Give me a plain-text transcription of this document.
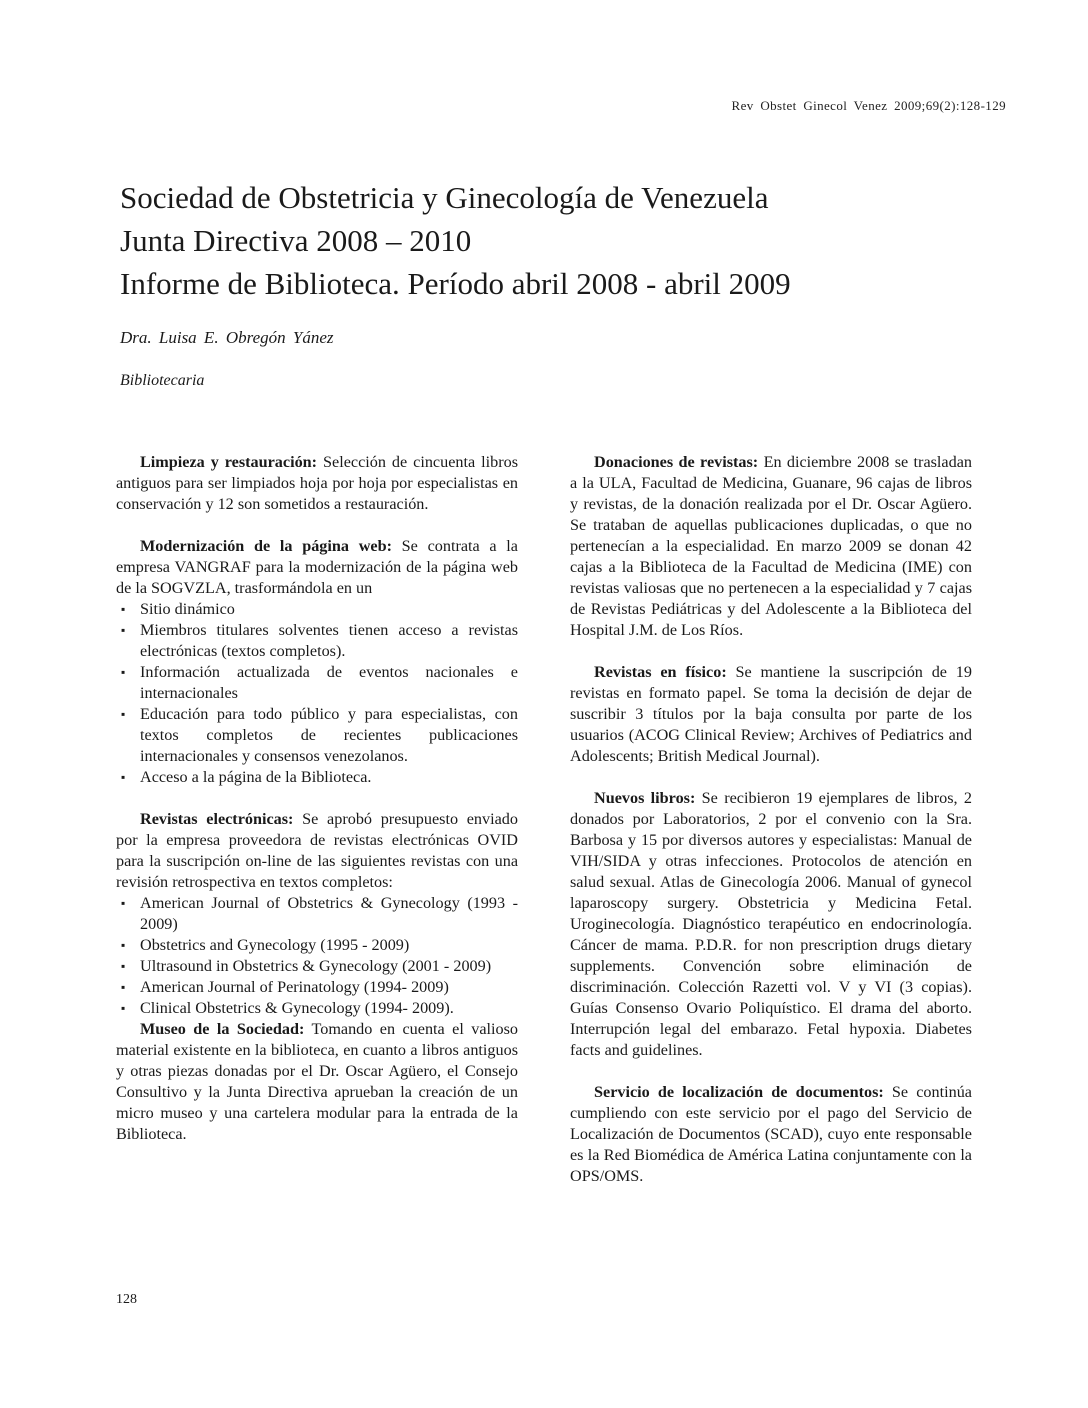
Rev Obstet Ginecol Venez 2009;69(2):128-129
Sociedad de Obstetricia y Ginecología de Venezuela
Junta Directiva 2008 – 2010
Informe de Biblioteca. Período abril 2008 - abril 2009
Dra. Luisa E. Obregón Yánez
Bibliotecaria

Limpieza y restauración: Selección de cincuenta libros antiguos para ser limpiados hoja por hoja por especialistas en conservación y 12 son sometidos a restauración.

Modernización de la página web: Se contrata a la empresa VANGRAF para la modernización de la página web de la SOGVZLA, trasformándola en un

▪ Sitio dinámico
▪ Miembros titulares solventes tienen acceso a revistas electrónicas (textos completos).
▪ Información actualizada de eventos nacionales e internacionales
▪ Educación para todo público y para especialistas, con textos completos de recientes publicaciones internacionales y consensos venezolanos.
▪ Acceso a la página de la Biblioteca.

Revistas electrónicas: Se aprobó presupuesto enviado por la empresa proveedora de revistas electrónicas OVID para la suscripción on-line de las siguientes revistas con una revisión retrospectiva en textos completos:

▪ American Journal of Obstetrics & Gynecology (1993 - 2009)
▪ Obstetrics and Gynecology (1995 - 2009)
▪ Ultrasound in Obstetrics & Gynecology (2001 - 2009)
▪ American Journal of Perinatology (1994- 2009)
▪ Clinical Obstetrics & Gynecology (1994- 2009).

Museo de la Sociedad: Tomando en cuenta el valioso material existente en la biblioteca, en cuanto a libros antiguos y otras piezas donadas por el Dr. Oscar Agüero, el Consejo Consultivo y la Junta Directiva aprueban la creación de un micro museo y una cartelera modular para la entrada de la Biblioteca.

Donaciones de revistas: En diciembre 2008 se trasladan a la ULA, Facultad de Medicina, Guanare, 96 cajas de libros y revistas, de la donación realizada por el Dr. Oscar Agüero. Se trataban de aquellas publicaciones duplicadas, o que no pertenecían a la especialidad. En marzo 2009 se donan 42 cajas a la Biblioteca de la Facultad de Medicina (IME) con revistas valiosas que no pertenecen a la especialidad y 7 cajas de Revistas Pediátricas y del Adolescente a la Biblioteca del Hospital J.M. de Los Ríos.

Revistas en físico: Se mantiene la suscripción de 19 revistas en formato papel. Se toma la decisión de dejar de suscribir 3 títulos por la baja consulta por parte de los usuarios (ACOG Clinical Review; Archives of Pediatrics and Adolescents; British Medical Journal).

Nuevos libros: Se recibieron 19 ejemplares de libros, 2 donados por Laboratorios, 2 por el convenio con la Sra. Barbosa y 15 por diversos autores y especialistas: Manual de VIH/SIDA y otras infecciones. Protocolos de atención en salud sexual. Atlas de Ginecología 2006. Manual of gynecol laparoscopy surgery. Obstetricia y Medicina Fetal. Uroginecología. Diagnóstico terapéutico en endocrinología. Cáncer de mama. P.D.R. for non prescription drugs dietary supplements. Convención sobre eliminación de discriminación. Colección Razetti vol. V y VI (3 copias). Guías Consenso Ovario Poliquístico. El drama del aborto. Interrupción legal del embarazo. Fetal hypoxia. Diabetes facts and guidelines.

Servicio de localización de documentos: Se continúa cumpliendo con este servicio por el pago del Servicio de Localización de Documentos (SCAD), cuyo ente responsable es la Red Biomédica de América Latina conjuntamente con la OPS/OMS.

128
